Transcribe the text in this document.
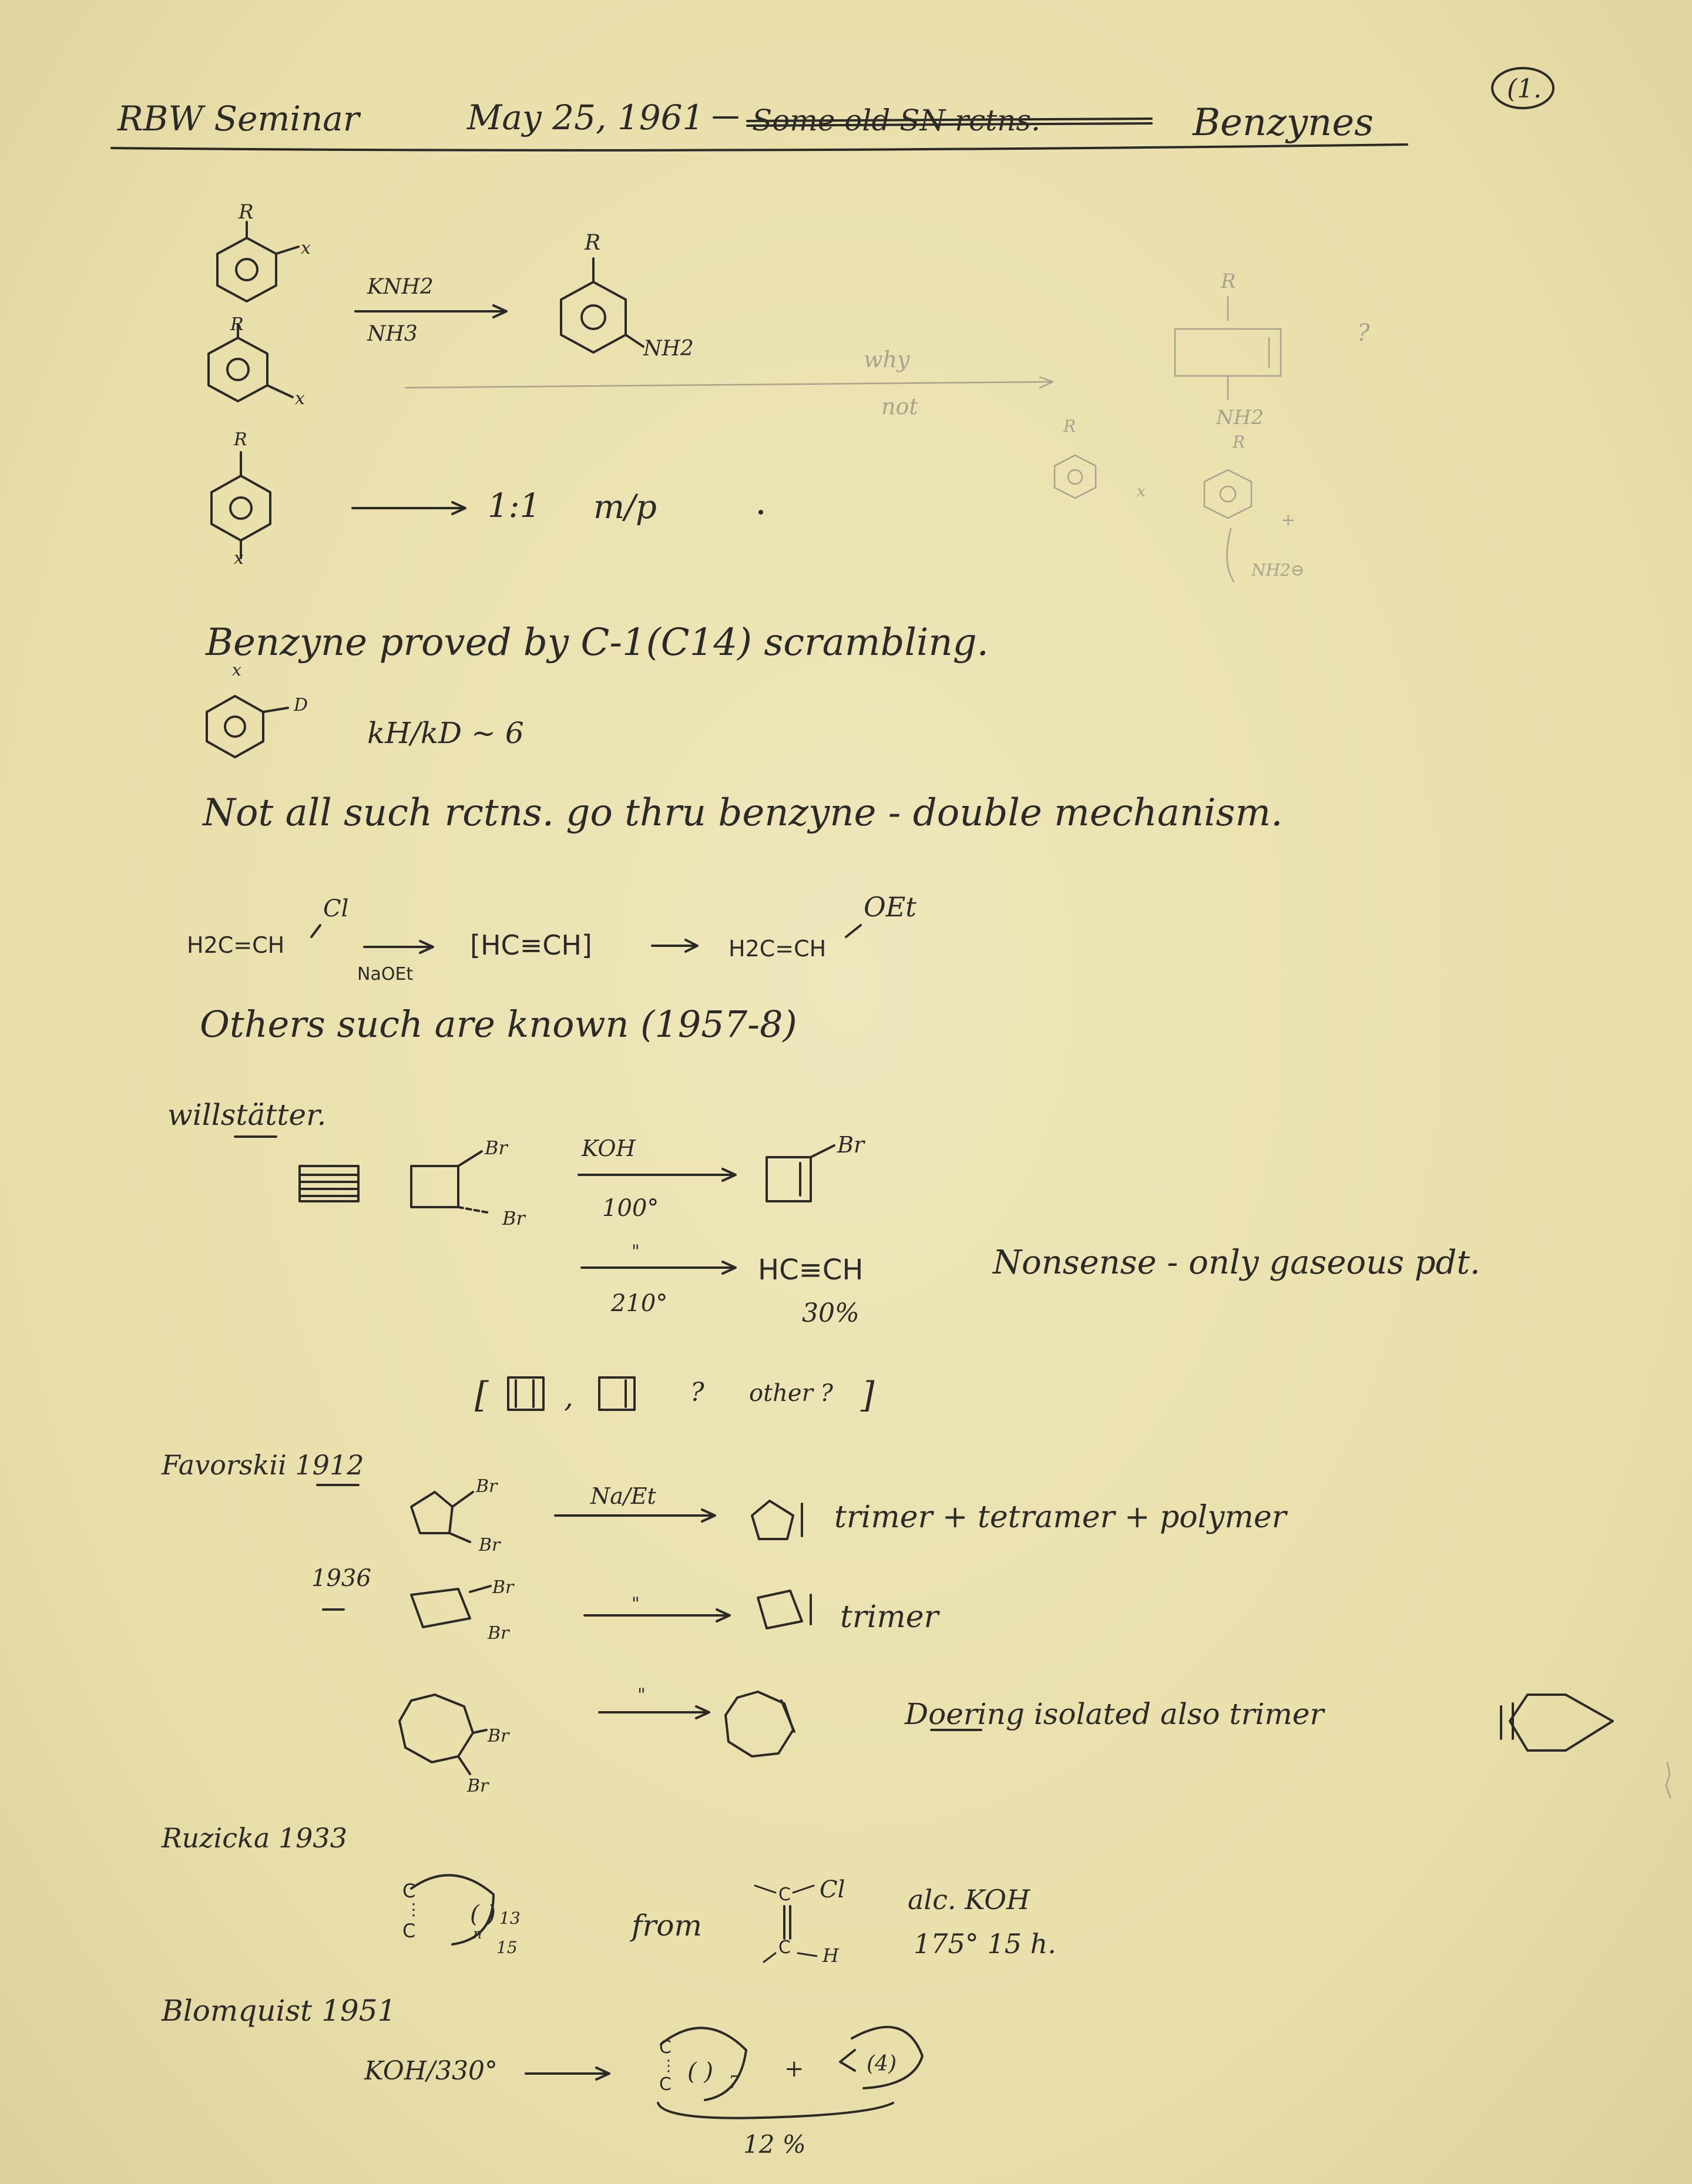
RBW Seminar	May 25, 1961 Some old SN rctns.	Benzynes
(1.
R
x
R
x
KNH2
NH3
R
NH2	why
not
R
NH2
?
R
x
R
+
NH2⊖
R
x
1:1 m/p
Benzyne proved by C-1(C14) scrambling.
x
D
kH/kD ~ 6
Not all such rctns. go thru benzyne - double mechanism.
H2C=CH
Cl
NaOEt
[HC≡CH]	H2C=CH
OEt
Others such are known (1957-8)
willstätter.
Br
Br
KOH
100°
Br
"
210°
HC≡CH
30%
Nonsense - only gaseous pdt.
[	,	? other ? ]
Favorskii 1912
Br
Br
Na/Et
trimer + tetramer + polymer
1936	Br
Br
"	trimer
Br
Br
"
Doering isolated also trimer
Ruzicka 1933
C
⋮
C
( ) 13
n
15
from
C
C
Cl
H
alc. KOH
175° 15 h.
Blomquist 1951
KOH/330°
C
⋮
C ( ) 7
+	(4)
12 %
